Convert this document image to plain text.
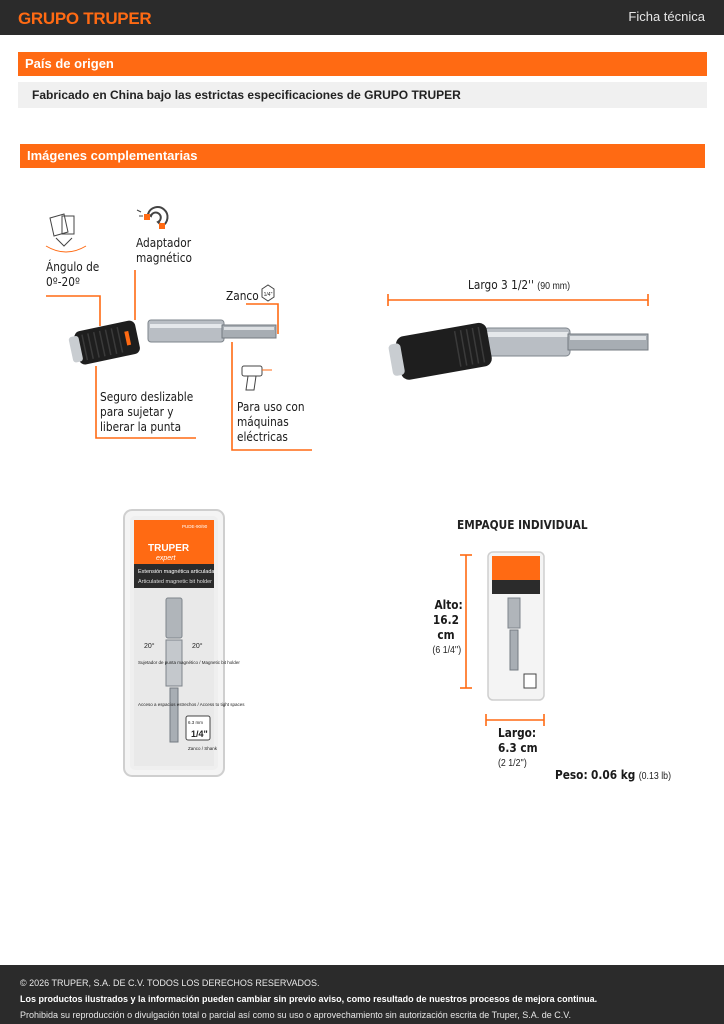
GRUPO TRUPER	Ficha técnica
País de origen
Fabricado en China bajo las estrictas especificaciones de GRUPO TRUPER
Imágenes complementarias
1/4"
PUDE-90/90
TRUPER
expert
Extensión magnética articulada
Articulated magnetic bit holder
20°	20°
Sujetador de punta magnético / Magnetic bit holder
Acceso a espacios estrechos / Access to tight spaces
6.3 mm
1/4"
Zanco / Shank
Ángulo de
0º-20º
Adaptador
magnético
Zanco
Seguro deslizable
para sujetar y
liberar la punta
Para uso con
máquinas
eléctricas
Largo 3 1/2'' (90 mm)
EMPAQUE INDIVIDUAL
Alto:
16.2 cm
(6 1/4'')
Largo:
6.3 cm
(2 1/2'')
Peso: 0.06 kg (0.13 lb)
© 2026 TRUPER, S.A. DE C.V. TODOS LOS DERECHOS RESERVADOS.
Los productos ilustrados y la información pueden cambiar sin previo aviso, como resultado de nuestros procesos de mejora continua.
Prohibida su reproducción o divulgación total o parcial así como su uso o aprovechamiento sin autorización escrita de Truper, S.A. de C.V.
